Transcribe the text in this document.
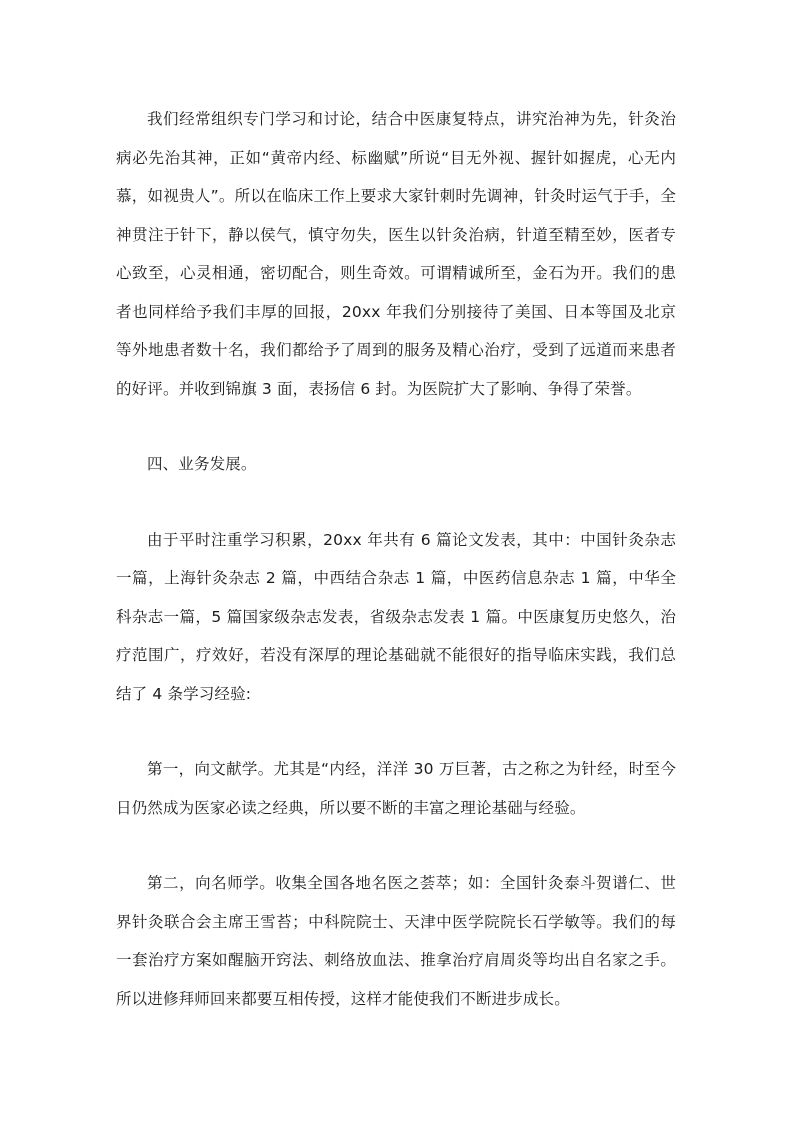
我们经常组织专门学习和讨论，结合中医康复特点，讲究治神为先，针灸治病必先治其神，正如“黄帝内经、标幽赋”所说“目无外视、握针如握虎，心无内慕，如视贵人”。所以在临床工作上要求大家针刺时先调神，针灸时运气于手，全神贯注于针下，静以侯气，慎守勿失，医生以针灸治病，针道至精至妙，医者专心致至，心灵相通，密切配合，则生奇效。可谓精诚所至，金石为开。我们的患者也同样给予我们丰厚的回报，20xx 年我们分别接待了美国、日本等国及北京等外地患者数十名，我们都给予了周到的服务及精心治疗，受到了远道而来患者的好评。并收到锦旗 3 面，表扬信 6 封。为医院扩大了影响、争得了荣誉。

四、业务发展。

由于平时注重学习积累，20xx 年共有 6 篇论文发表，其中：中国针灸杂志一篇，上海针灸杂志 2 篇，中西结合杂志 1 篇，中医药信息杂志 1 篇，中华全科杂志一篇，5 篇国家级杂志发表，省级杂志发表 1 篇。中医康复历史悠久，治疗范围广，疗效好，若没有深厚的理论基础就不能很好的指导临床实践，我们总结了 4 条学习经验:

第一，向文献学。尤其是“内经，洋洋 30 万巨著，古之称之为针经，时至今日仍然成为医家必读之经典，所以要不断的丰富之理论基础与经验。

第二，向名师学。收集全国各地名医之荟萃；如：全国针灸泰斗贺谱仁、世界针灸联合会主席王雪苔；中科院院士、天津中医学院院长石学敏等。我们的每一套治疗方案如醒脑开窍法、刺络放血法、推拿治疗肩周炎等均出自名家之手。所以进修拜师回来都要互相传授，这样才能使我们不断进步成长。
